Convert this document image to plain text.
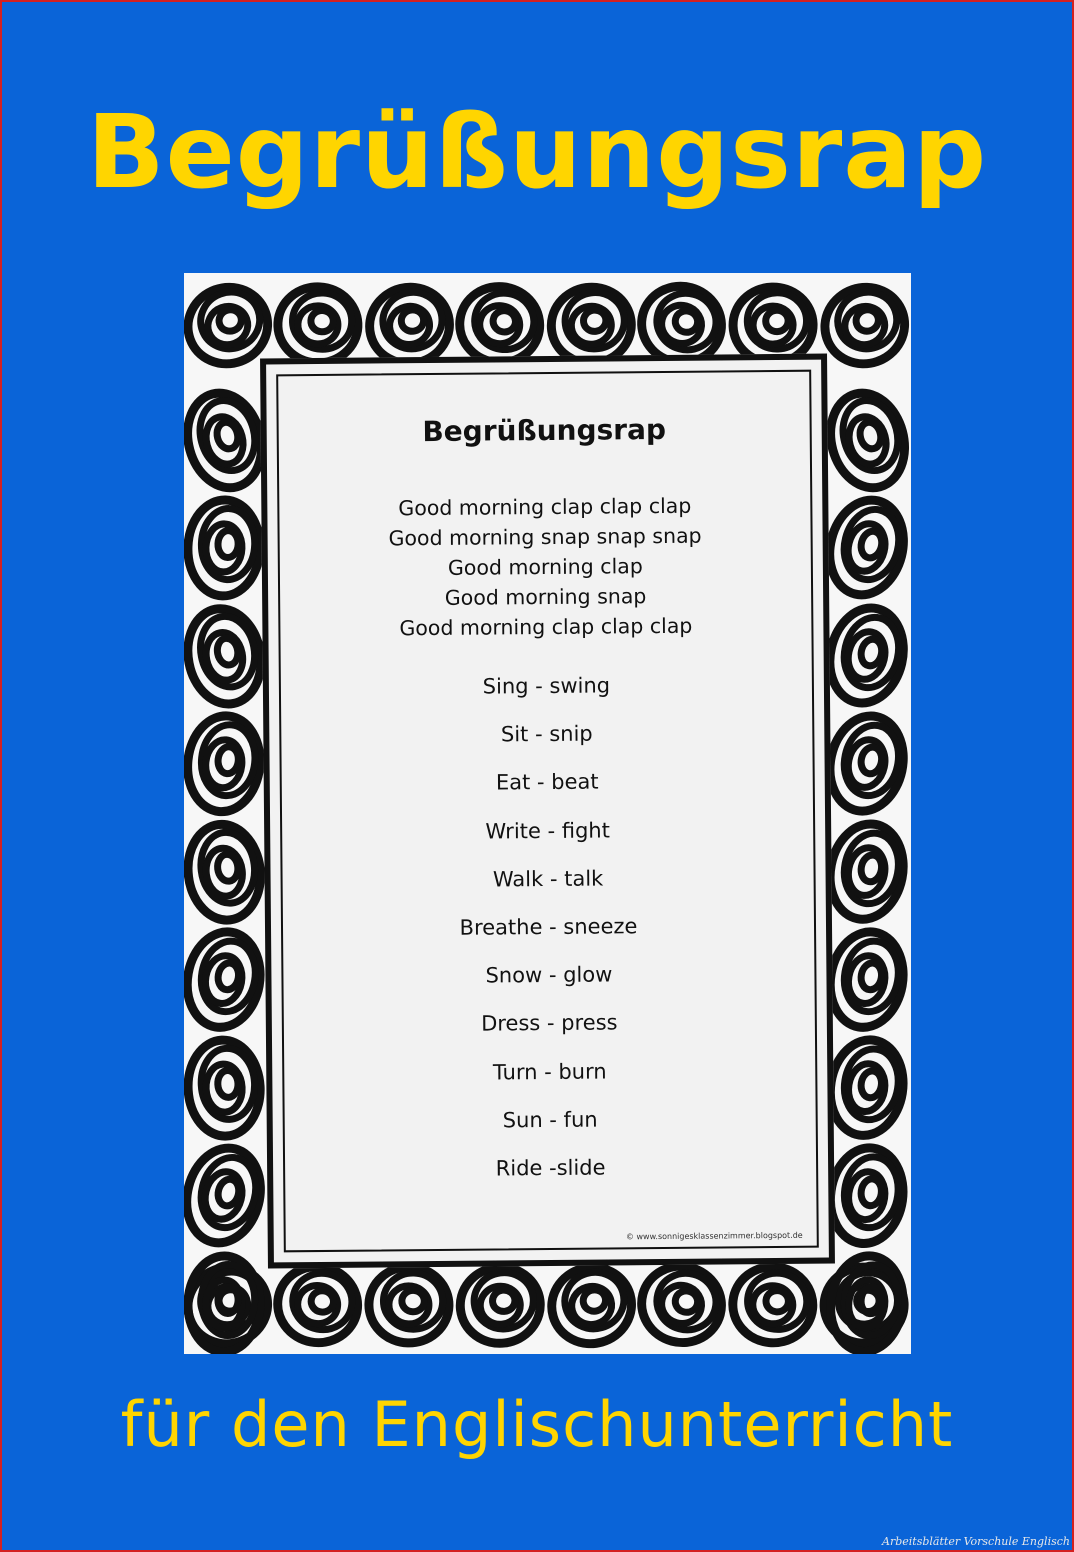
Begrüßungsrap
Begrüßungsrap
Good morning clap clap clap
Good morning snap snap snap
Good morning clap
Good morning snap
Good morning clap clap clap
Sing - swing
Sit - snip
Eat - beat
Write - fight
Walk - talk
Breathe - sneeze
Snow - glow
Dress - press
Turn - burn
Sun - fun
Ride -slide
© www.sonnigesklassenzimmer.blogspot.de
für den Englischunterricht
Arbeitsblätter Vorschule Englisch
